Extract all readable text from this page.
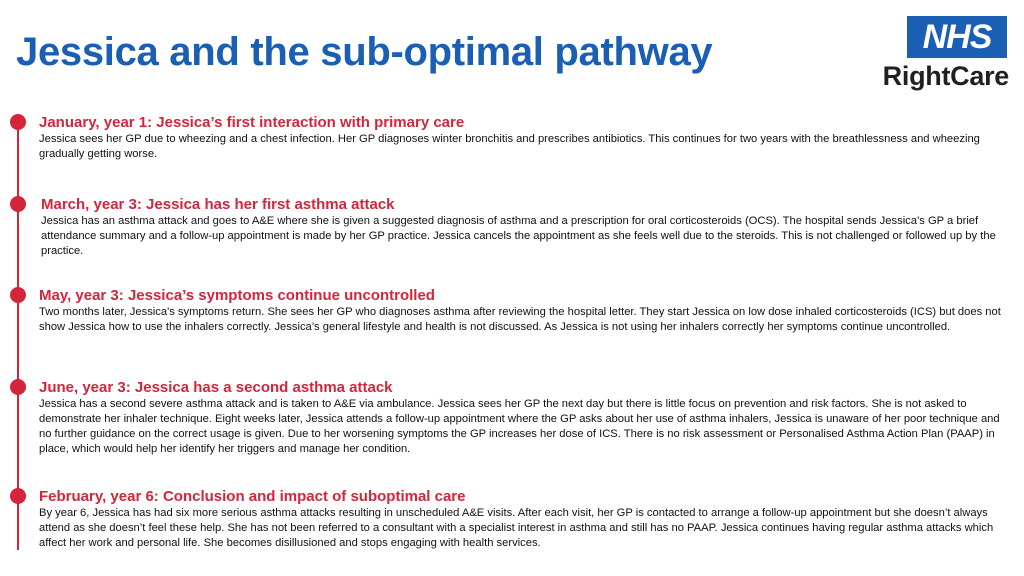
Jessica and the sub-optimal pathway	NHS
RightCare

January, year 1: Jessica’s first interaction with primary care

Jessica sees her GP due to wheezing and a chest infection. Her GP diagnoses winter bronchitis and prescribes antibiotics. This continues for two years with the breathlessness and wheezing gradually getting worse.

March, year 3: Jessica has her first asthma attack

Jessica has an asthma attack and goes to A&E where she is given a suggested diagnosis of asthma and a prescription for oral corticosteroids (OCS). The hospital sends Jessica’s GP a brief attendance summary and a follow-up appointment is made by her GP practice. Jessica cancels the appointment as she feels well due to the steroids. This is not challenged or followed up by the practice.

May, year 3: Jessica’s symptoms continue uncontrolled

Two months later, Jessica's symptoms return. She sees her GP who diagnoses asthma after reviewing the hospital letter. They start Jessica on low dose inhaled corticosteroids (ICS) but does not show Jessica how to use the inhalers correctly. Jessica’s general lifestyle and health is not discussed. As Jessica is not using her inhalers correctly her symptoms continue uncontrolled.

June, year 3: Jessica has a second asthma attack

Jessica has a second severe asthma attack and is taken to A&E via ambulance. Jessica sees her GP the next day but there is little focus on prevention and risk factors. She is not asked to demonstrate her inhaler technique. Eight weeks later, Jessica attends a follow-up appointment where the GP asks about her use of asthma inhalers, Jessica is unaware of her poor technique and no further guidance on the correct usage is given. Due to her worsening symptoms the GP increases her dose of ICS. There is no risk assessment or Personalised Asthma Action Plan (PAAP) in place, which would help her identify her triggers and manage her condition.

February, year 6: Conclusion and impact of suboptimal care

By year 6, Jessica has had six more serious asthma attacks resulting in unscheduled A&E visits. After each visit, her GP is contacted to arrange a follow-up appointment but she doesn’t always attend as she doesn’t feel these help. She has not been referred to a consultant with a specialist interest in asthma and still has no PAAP. Jessica continues having regular asthma attacks which affect her work and personal life. She becomes disillusioned and stops engaging with health services.
